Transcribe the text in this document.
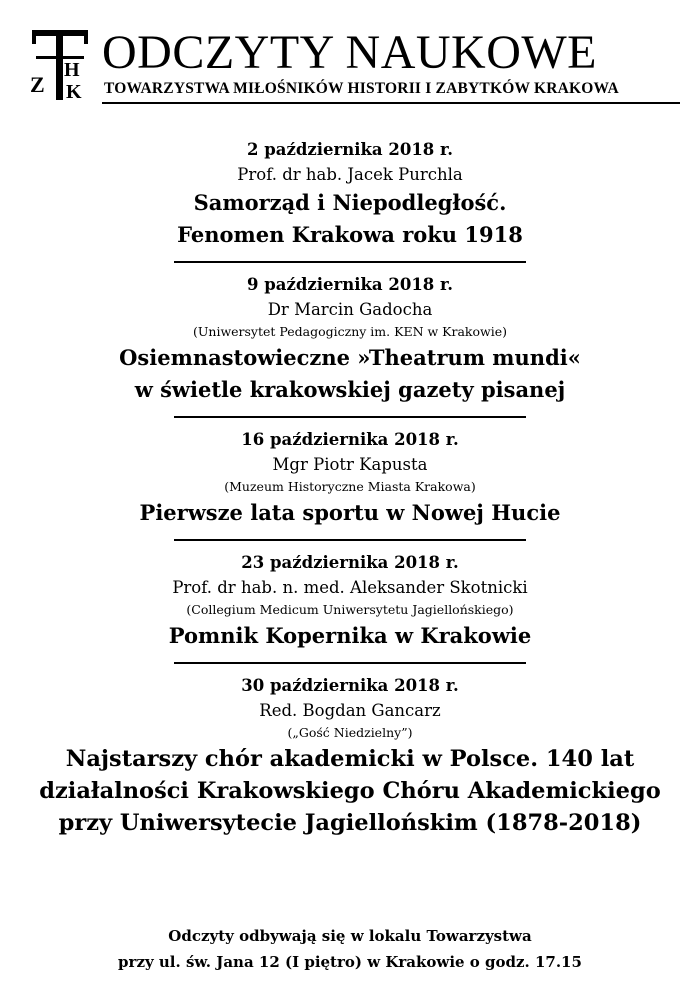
Z
H
K
ODCZYTY NAUKOWE
TOWARZYSTWA MIŁOŚNIKÓW HISTORII I ZABYTKÓW KRAKOWA
2 października 2018 r.
Prof. dr hab. Jacek Purchla
Samorząd i Niepodległość.
Fenomen Krakowa roku 1918
9 października 2018 r.
Dr Marcin Gadocha
(Uniwersytet Pedagogiczny im. KEN w Krakowie)
Osiemnastowieczne »Theatrum mundi«
w świetle krakowskiej gazety pisanej
16 października 2018 r.
Mgr Piotr Kapusta
(Muzeum Historyczne Miasta Krakowa)
Pierwsze lata sportu w Nowej Hucie
23 października 2018 r.
Prof. dr hab. n. med. Aleksander Skotnicki
(Collegium Medicum Uniwersytetu Jagiellońskiego)
Pomnik Kopernika w Krakowie
30 października 2018 r.
Red. Bogdan Gancarz
(„Gość Niedzielny”)
Najstarszy chór akademicki w Polsce. 140 lat
działalności Krakowskiego Chóru Akademickiego
przy Uniwersytecie Jagiellońskim (1878-2018)
Odczyty odbywają się w lokalu Towarzystwa
przy ul. św. Jana 12 (I piętro) w Krakowie o godz. 17.15
